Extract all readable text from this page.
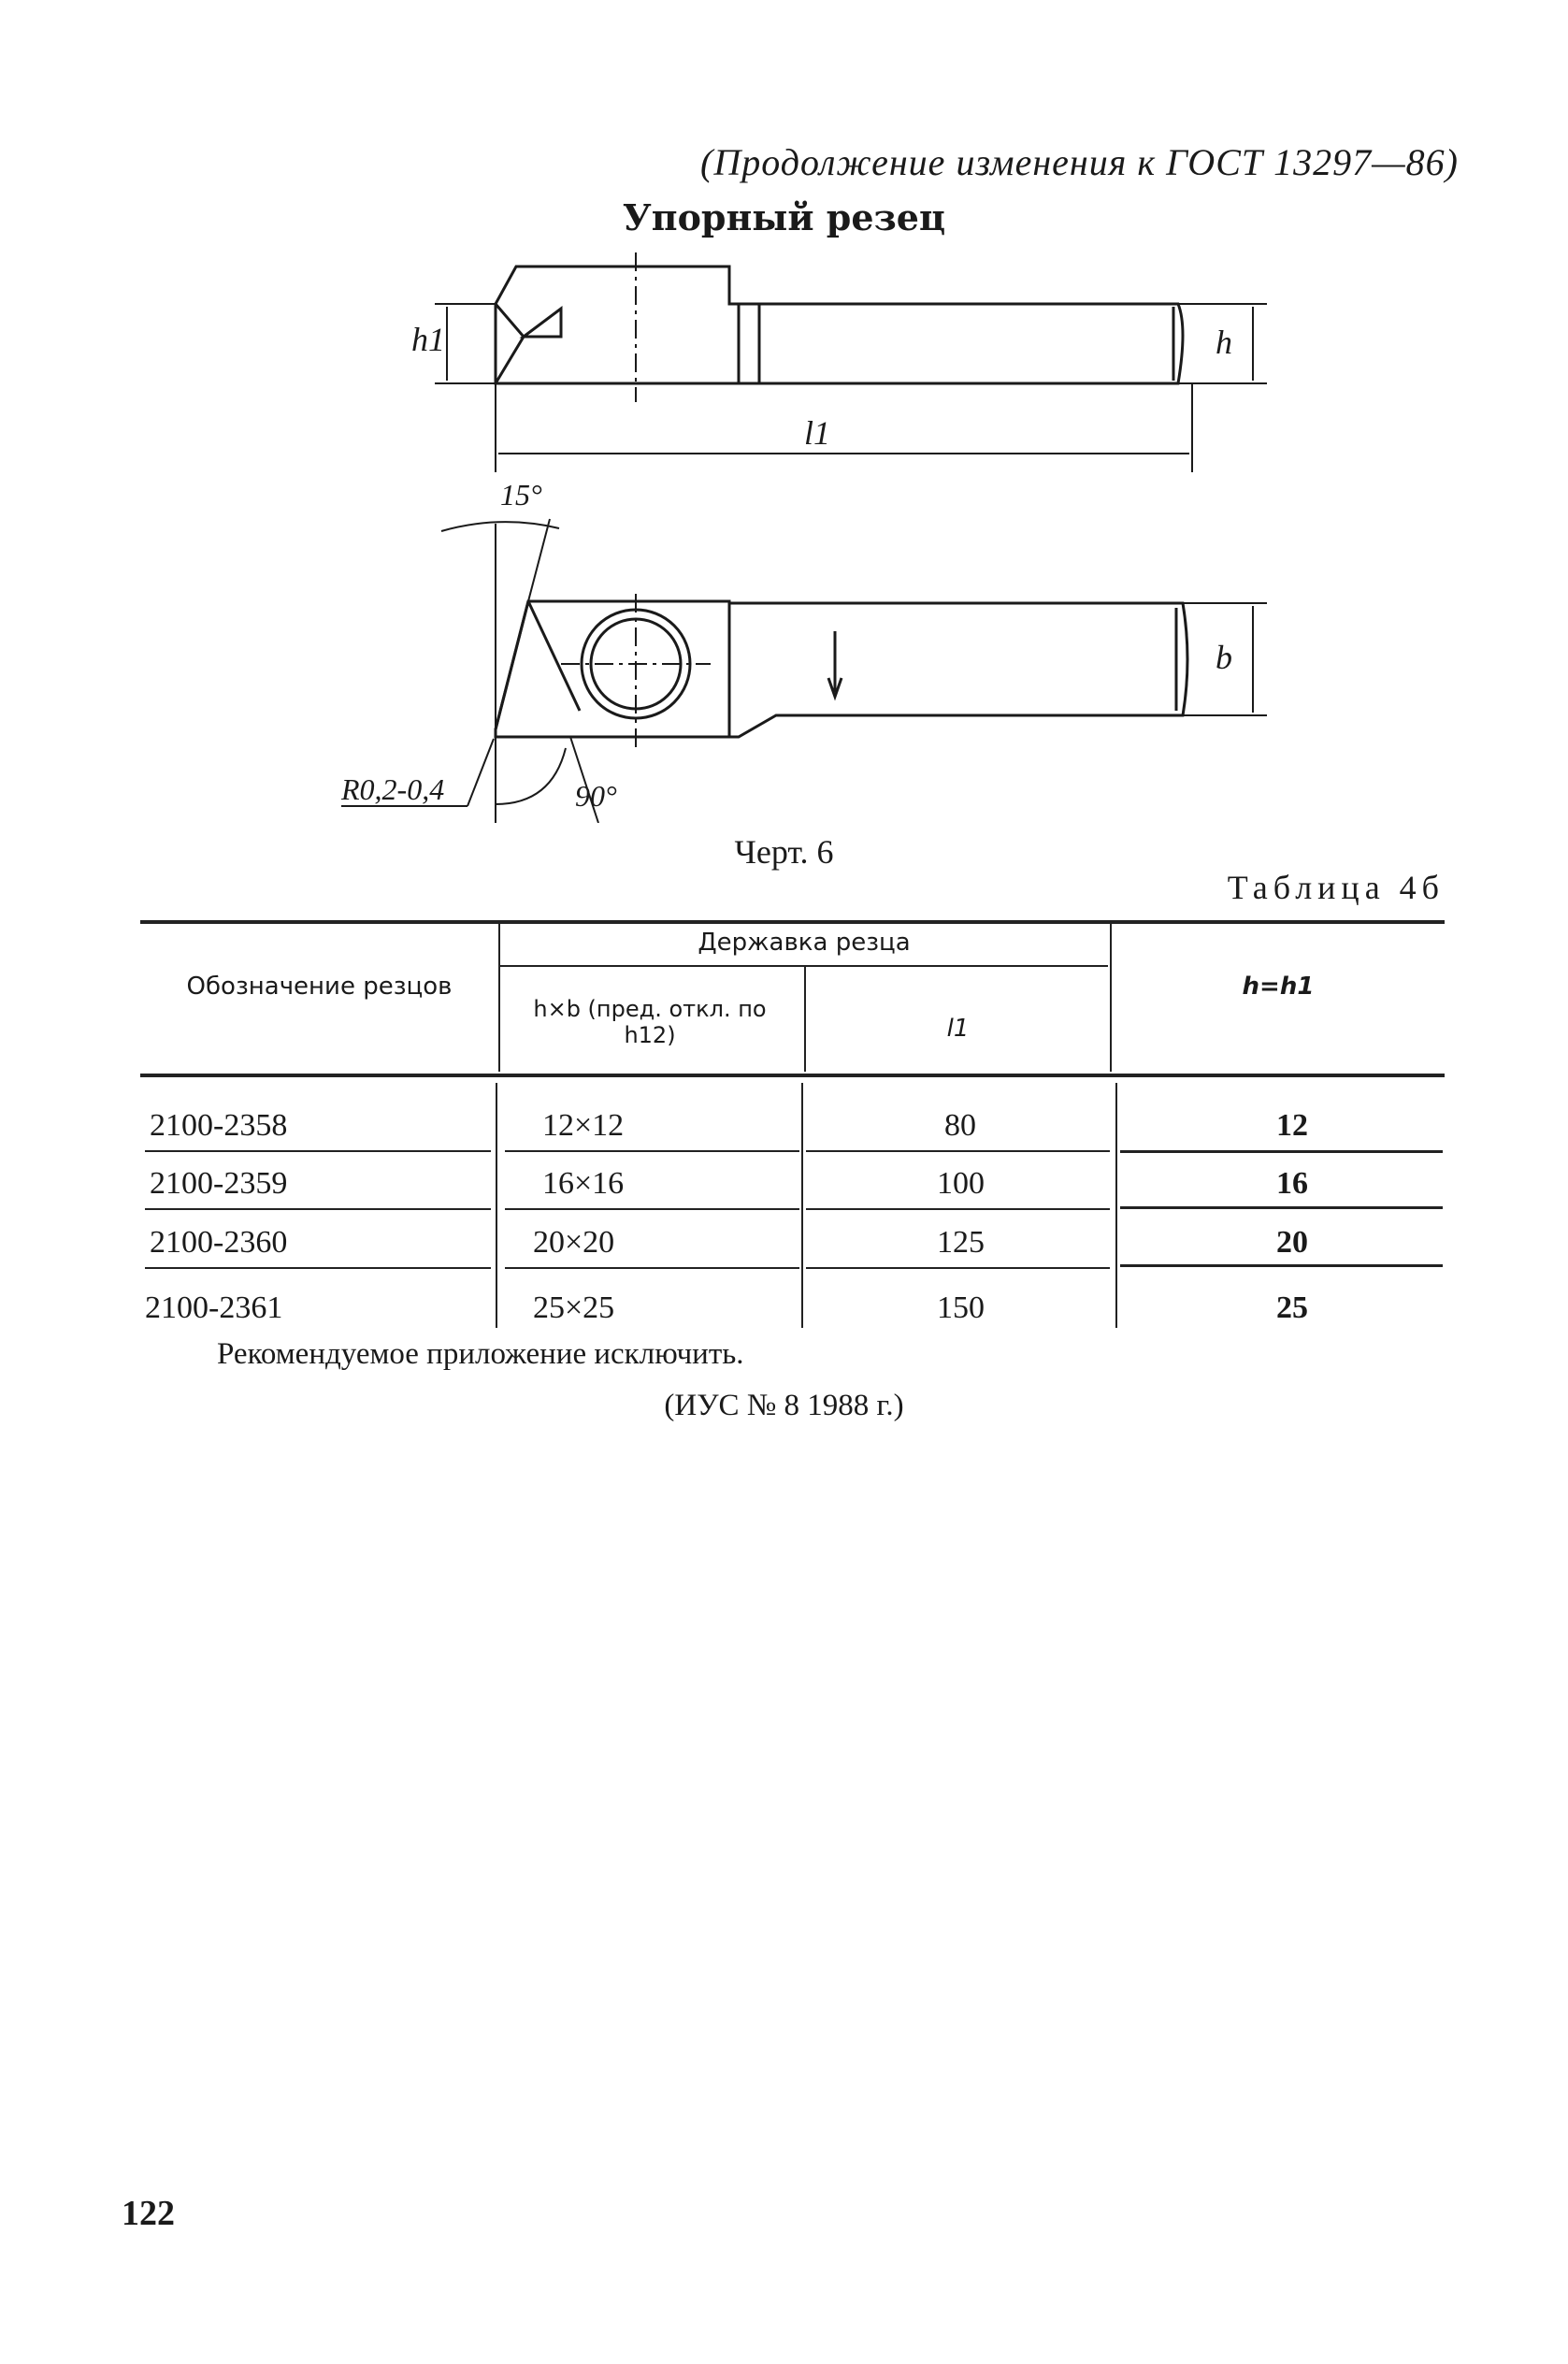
(Продолжение изменения к ГОСТ 13297—86)
Упорный резец
h1	h
l1
b
15°
90°
R0,2-0,4
Черт. 6
Таблица 4б
Обозначение резцов
Державка резца
h×b (пред. откл. по h12)	l1
h=h1
2100-2358	12×12	80	12
2100-2359	16×16	100	16
2100-2360	20×20	125	20
2100-2361	25×25	150	25
Рекомендуемое приложение исключить.
(ИУС № 8 1988 г.)
122
